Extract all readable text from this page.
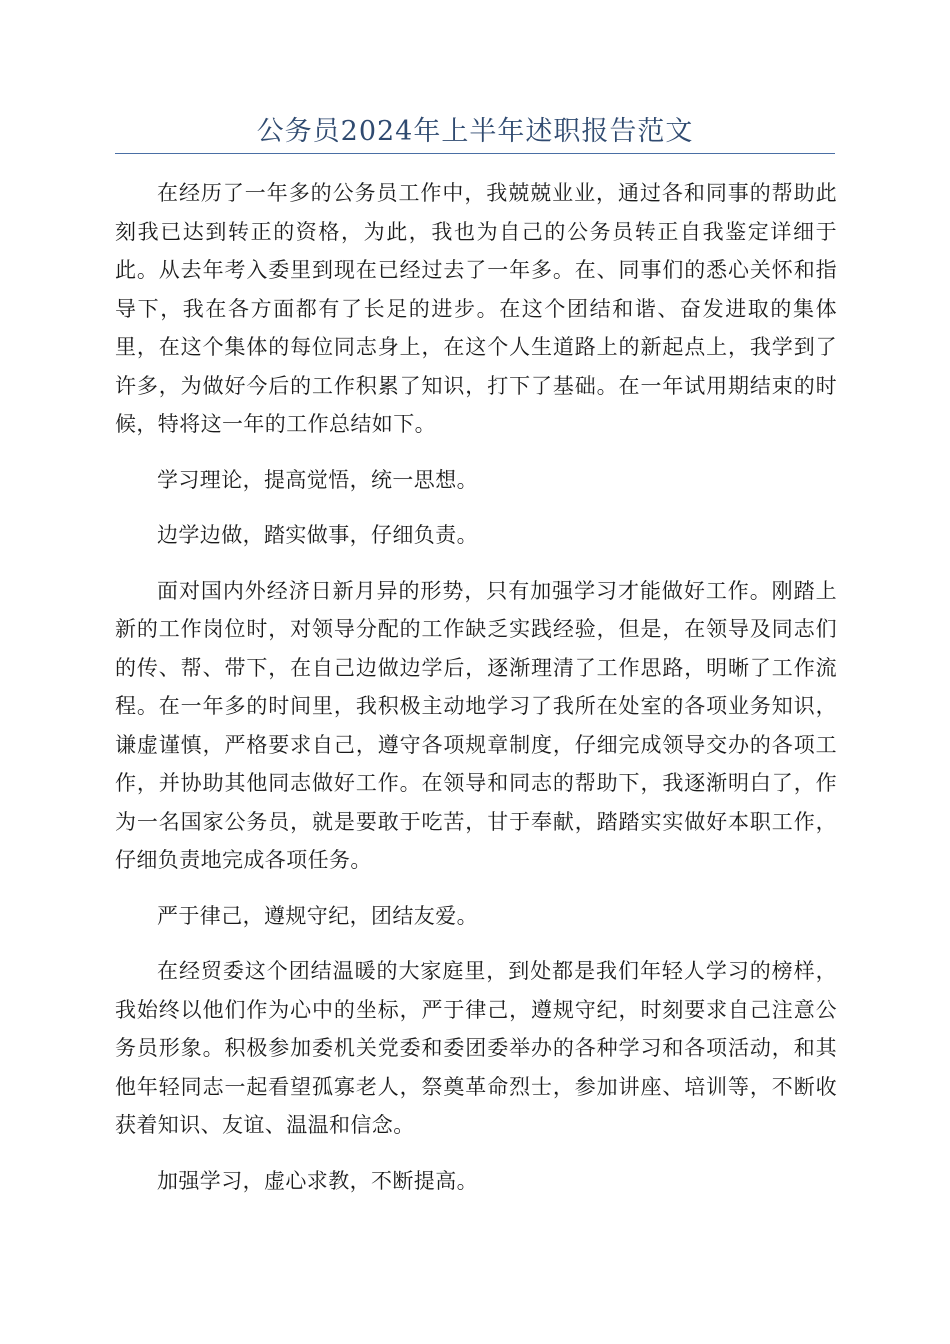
公务员2024年上半年述职报告范文

在经历了一年多的公务员工作中，我兢兢业业，通过各和同事的帮助此刻我已达到转正的资格，为此，我也为自己的公务员转正自我鉴定详细于此。从去年考入委里到现在已经过去了一年多。在、同事们的悉心关怀和指导下，我在各方面都有了长足的进步。在这个团结和谐、奋发进取的集体里，在这个集体的每位同志身上，在这个人生道路上的新起点上，我学到了许多，为做好今后的工作积累了知识，打下了基础。在一年试用期结束的时候，特将这一年的工作总结如下。

学习理论，提高觉悟，统一思想。

边学边做，踏实做事，仔细负责。

面对国内外经济日新月异的形势，只有加强学习才能做好工作。刚踏上新的工作岗位时，对领导分配的工作缺乏实践经验，但是，在领导及同志们的传、帮、带下，在自己边做边学后，逐渐理清了工作思路，明晰了工作流程。在一年多的时间里，我积极主动地学习了我所在处室的各项业务知识，谦虚谨慎，严格要求自己，遵守各项规章制度，仔细完成领导交办的各项工作，并协助其他同志做好工作。在领导和同志的帮助下，我逐渐明白了，作为一名国家公务员，就是要敢于吃苦，甘于奉献，踏踏实实做好本职工作，仔细负责地完成各项任务。

严于律己，遵规守纪，团结友爱。

在经贸委这个团结温暖的大家庭里，到处都是我们年轻人学习的榜样，我始终以他们作为心中的坐标，严于律己，遵规守纪，时刻要求自己注意公务员形象。积极参加委机关党委和委团委举办的各种学习和各项活动，和其他年轻同志一起看望孤寡老人，祭奠革命烈士，参加讲座、培训等，不断收获着知识、友谊、温温和信念。

加强学习，虚心求教，不断提高。
